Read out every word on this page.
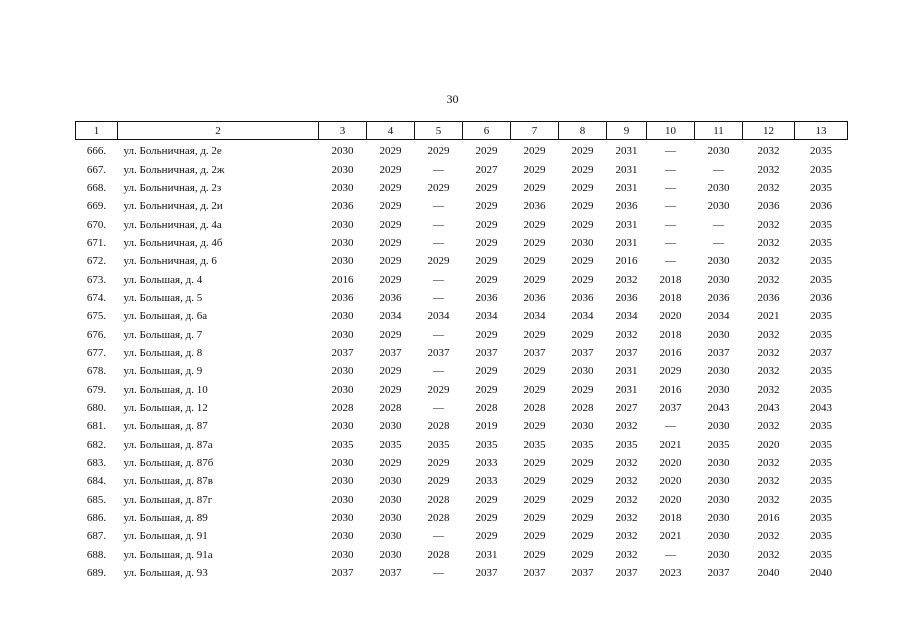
30
1	2	3	4	5	6	7	8	9	10	11	12	13
666.	ул. Больничная, д. 2е	2030	2029	2029	2029	2029	2029	2031	—	2030	2032	2035
667.	ул. Больничная, д. 2ж	2030	2029	—	2027	2029	2029	2031	—	—	2032	2035
668.	ул. Больничная, д. 2з	2030	2029	2029	2029	2029	2029	2031	—	2030	2032	2035
669.	ул. Больничная, д. 2и	2036	2029	—	2029	2036	2029	2036	—	2030	2036	2036
670.	ул. Больничная, д. 4а	2030	2029	—	2029	2029	2029	2031	—	—	2032	2035
671.	ул. Больничная, д. 4б	2030	2029	—	2029	2029	2030	2031	—	—	2032	2035
672.	ул. Больничная, д. 6	2030	2029	2029	2029	2029	2029	2016	—	2030	2032	2035
673.	ул. Большая, д. 4	2016	2029	—	2029	2029	2029	2032	2018	2030	2032	2035
674.	ул. Большая, д. 5	2036	2036	—	2036	2036	2036	2036	2018	2036	2036	2036
675.	ул. Большая, д. 6а	2030	2034	2034	2034	2034	2034	2034	2020	2034	2021	2035
676.	ул. Большая, д. 7	2030	2029	—	2029	2029	2029	2032	2018	2030	2032	2035
677.	ул. Большая, д. 8	2037	2037	2037	2037	2037	2037	2037	2016	2037	2032	2037
678.	ул. Большая, д. 9	2030	2029	—	2029	2029	2030	2031	2029	2030	2032	2035
679.	ул. Большая, д. 10	2030	2029	2029	2029	2029	2029	2031	2016	2030	2032	2035
680.	ул. Большая, д. 12	2028	2028	—	2028	2028	2028	2027	2037	2043	2043	2043
681.	ул. Большая, д. 87	2030	2030	2028	2019	2029	2030	2032	—	2030	2032	2035
682.	ул. Большая, д. 87а	2035	2035	2035	2035	2035	2035	2035	2021	2035	2020	2035
683.	ул. Большая, д. 87б	2030	2029	2029	2033	2029	2029	2032	2020	2030	2032	2035
684.	ул. Большая, д. 87в	2030	2030	2029	2033	2029	2029	2032	2020	2030	2032	2035
685.	ул. Большая, д. 87г	2030	2030	2028	2029	2029	2029	2032	2020	2030	2032	2035
686.	ул. Большая, д. 89	2030	2030	2028	2029	2029	2029	2032	2018	2030	2016	2035
687.	ул. Большая, д. 91	2030	2030	—	2029	2029	2029	2032	2021	2030	2032	2035
688.	ул. Большая, д. 91а	2030	2030	2028	2031	2029	2029	2032	—	2030	2032	2035
689.	ул. Большая, д. 93	2037	2037	—	2037	2037	2037	2037	2023	2037	2040	2040
